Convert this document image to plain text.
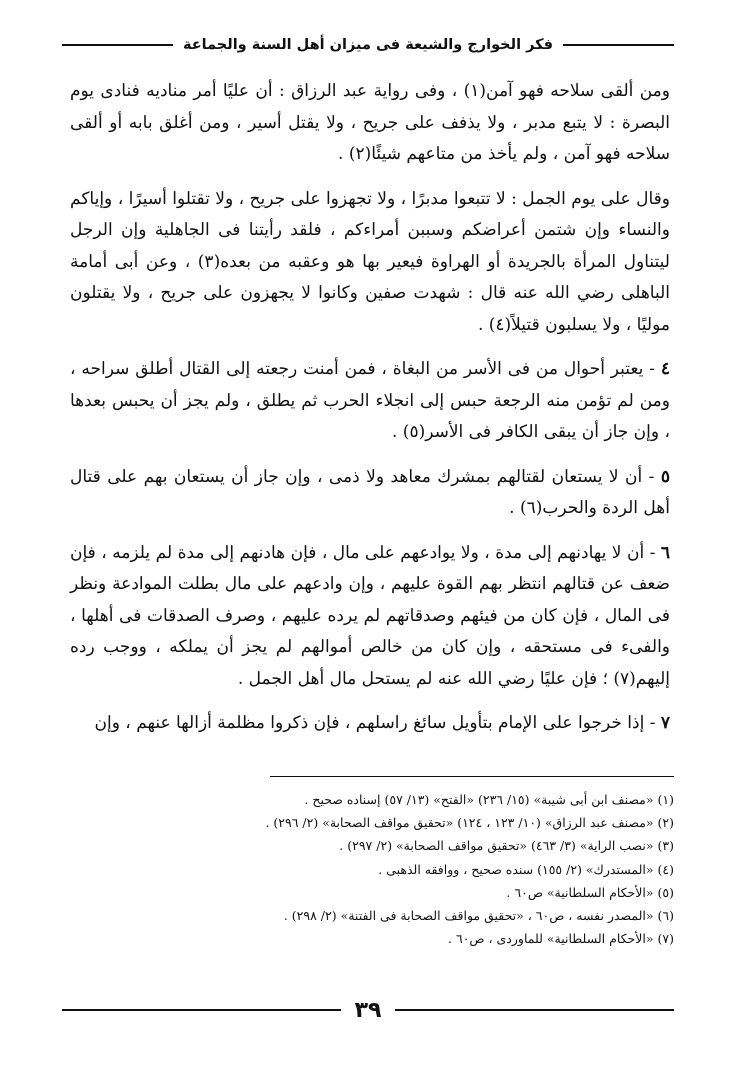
فكر الخوارج والشيعة فى ميزان أهل السنة والجماعة

ومن ألقى سلاحه فهو آمن(١) ، وفى رواية عبد الرزاق : أن عليًا أمر مناديه فنادى يوم البصرة : لا يتبع مدبر ، ولا يذفف على جريح ، ولا يقتل أسير ، ومن أغلق بابه أو ألقى سلاحه فهو آمن ، ولم يأخذ من متاعهم شيئًا(٢) .

وقال على يوم الجمل : لا تتبعوا مدبرًا ، ولا تجهزوا على جريح ، ولا تقتلوا أسيرًا ، وإياكم والنساء وإن شتمن أعراضكم وسببن أمراءكم ، فلقد رأيتنا فى الجاهلية وإن الرجل ليتناول المرأة بالجريدة أو الهراوة فيعير بها هو وعقبه من بعده(٣) ، وعن أبى أمامة الباهلى رضي الله عنه قال : شهدت صفين وكانوا لا يجهزون على جريح ، ولا يقتلون موليًا ، ولا يسلبون قتيلاً(٤) .

٤ - يعتبر أحوال من فى الأسر من البغاة ، فمن أمنت رجعته إلى القتال أطلق سراحه ، ومن لم تؤمن منه الرجعة حبس إلى انجلاء الحرب ثم يطلق ، ولم يجز أن يحبس بعدها ، وإن جاز أن يبقى الكافر فى الأسر(٥) .

٥ - أن لا يستعان لقتالهم بمشرك معاهد ولا ذمى ، وإن جاز أن يستعان بهم على قتال أهل الردة والحرب(٦) .

٦ - أن لا يهادنهم إلى مدة ، ولا يوادعهم على مال ، فإن هادنهم إلى مدة لم يلزمه ، فإن ضعف عن قتالهم انتظر بهم القوة عليهم ، وإن وادعهم على مال بطلت الموادعة ونظر فى المال ، فإن كان من فيئهم وصدقاتهم لم يرده عليهم ، وصرف الصدقات فى أهلها ، والفىء فى مستحقه ، وإن كان من خالص أموالهم لم يجز أن يملكه ، ووجب رده إليهم(٧) ؛ فإن عليًا رضي الله عنه لم يستحل مال أهل الجمل .

٧ - إذا خرجوا على الإمام بتأويل سائغ راسلهم ، فإن ذكروا مظلمة أزالها عنهم ، وإن

(١) «مصنف ابن أبى شيبة» (١٥/ ٢٣٦) «الفتح» (١٣/ ٥٧) إسناده صحيح .

(٢) «مصنف عبد الرزاق» (١٠/ ١٢٣ ، ١٢٤) «تحقيق مواقف الصحابة» (٢/ ٢٩٦) .

(٣) «نصب الراية» (٣/ ٤٦٣) «تحقيق مواقف الصحابة» (٢/ ٢٩٧) .

(٤) «المستدرك» (٢/ ١٥٥) سنده صحيح ، ووافقه الذهبى .

(٥) «الأحكام السلطانية» ص٦٠ .

(٦) «المصدر نفسه ، ص٦٠ ، «تحقيق مواقف الصحابة فى الفتنة» (٢/ ٢٩٨) .

(٧) «الأحكام السلطانية» للماوردى ، ص٦٠ .

٣٩
